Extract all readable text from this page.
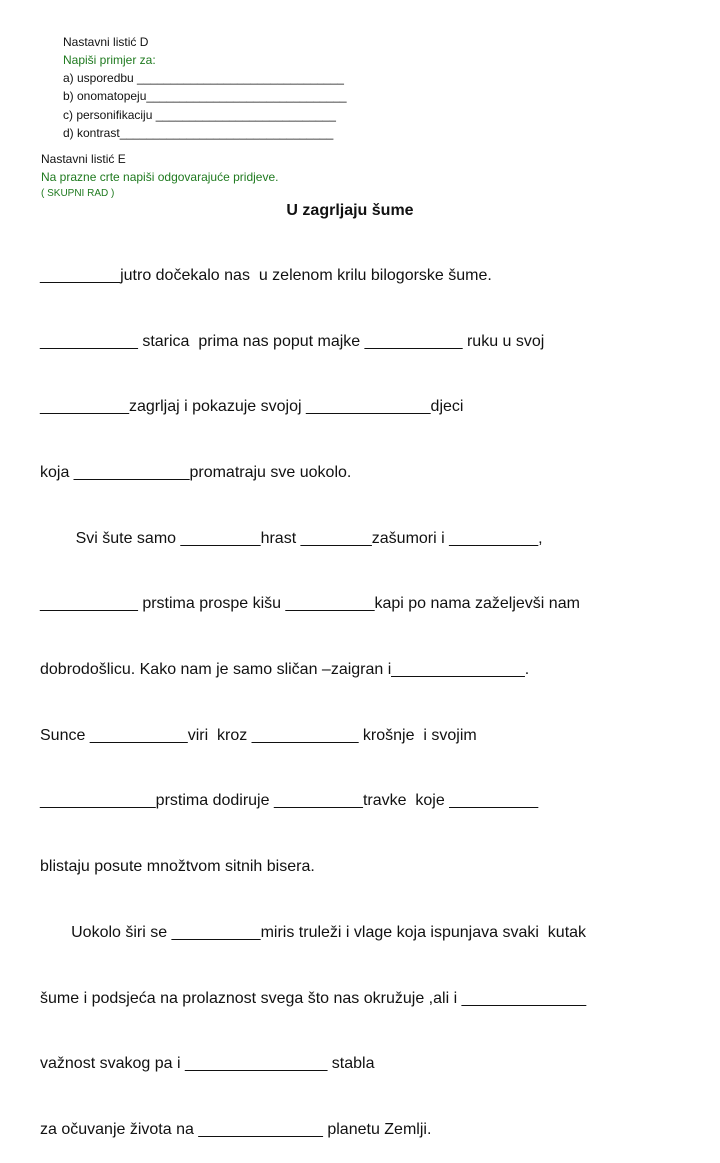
Nastavni listić D
Napiši primjer za:
a) usporedbu _______________________________
b) onomatopeju______________________________
c) personifikaciju ___________________________
d) kontrast________________________________
Nastavni listić E
Na prazne crte napiši odgovarajuće pridjeve.
( SKUPNI RAD )
U zagrljaju šume

_________jutro dočekalo nas  u zelenom krilu bilogorske šume.

___________ starica  prima nas poput majke ___________ ruku u svoj

__________zagrljaj i pokazuje svojoj ______________djeci

koja _____________promatraju sve uokolo.

Svi šute samo _________hrast ________zašumori i __________,

___________ prstima prospe kišu __________kapi po nama zaželjevši nam

dobrodošlicu. Kako nam je samo sličan –zaigran i_______________.

Sunce ___________viri  kroz ____________ krošnje  i svojim

_____________prstima dodiruje __________travke  koje __________

blistaju posute množtvom sitnih bisera.

Uokolo širi se __________miris truleži i vlage koja ispunjava svaki  kutak

šume i podsjeća na prolaznost svega što nas okružuje ,ali i ______________

važnost svakog pa i ________________ stabla

za očuvanje života na ______________ planetu Zemlji.
